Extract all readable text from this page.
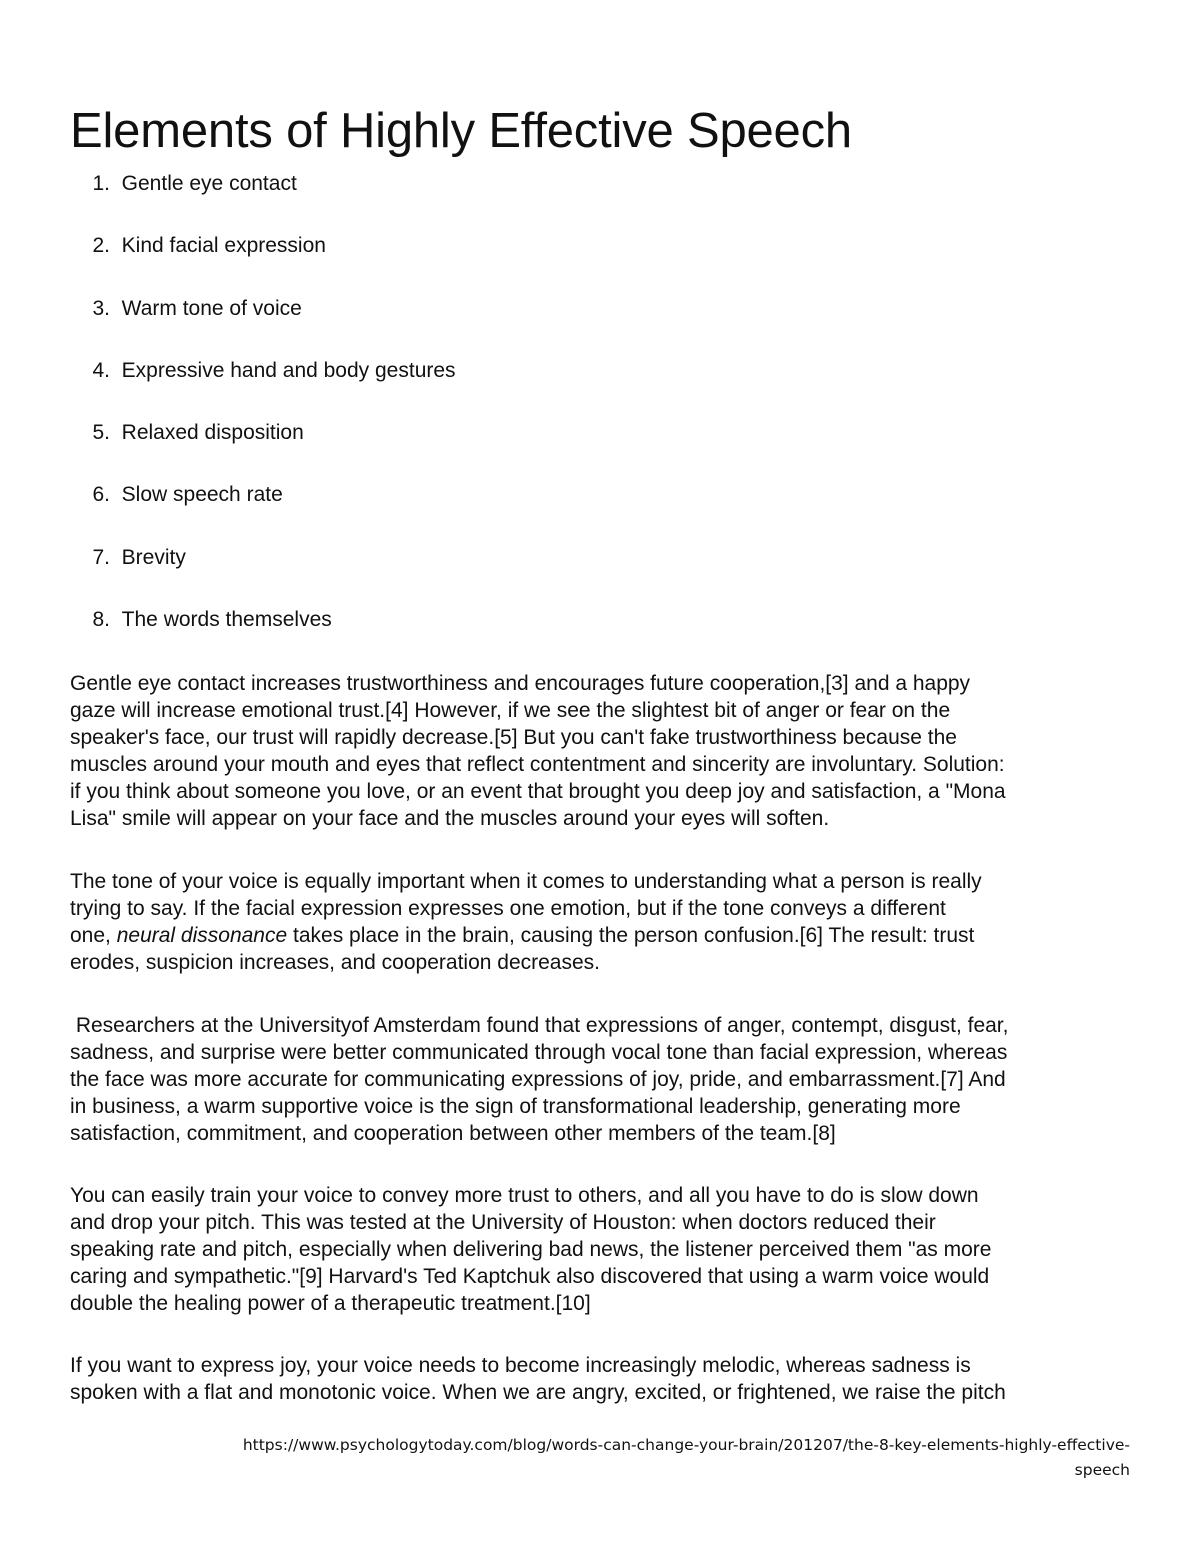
Elements of Highly Effective Speech
1. Gentle eye contact
2. Kind facial expression
3. Warm tone of voice
4. Expressive hand and body gestures
5. Relaxed disposition
6. Slow speech rate
7. Brevity
8. The words themselves

Gentle eye contact increases trustworthiness and encourages future cooperation,[3] and a happy
gaze will increase emotional trust.[4] However, if we see the slightest bit of anger or fear on the
speaker's face, our trust will rapidly decrease.[5] But you can't fake trustworthiness because the
muscles around your mouth and eyes that reflect contentment and sincerity are involuntary. Solution:
if you think about someone you love, or an event that brought you deep joy and satisfaction, a "Mona
Lisa" smile will appear on your face and the muscles around your eyes will soften.

The tone of your voice is equally important when it comes to understanding what a person is really
trying to say. If the facial expression expresses one emotion, but if the tone conveys a different
one, neural dissonance takes place in the brain, causing the person confusion.[6] The result: trust
erodes, suspicion increases, and cooperation decreases.

Researchers at the Universityof Amsterdam found that expressions of anger, contempt, disgust, fear,
sadness, and surprise were better communicated through vocal tone than facial expression, whereas
the face was more accurate for communicating expressions of joy, pride, and embarrassment.[7] And
in business, a warm supportive voice is the sign of transformational leadership, generating more
satisfaction, commitment, and cooperation between other members of the team.[8]

You can easily train your voice to convey more trust to others, and all you have to do is slow down
and drop your pitch. This was tested at the University of Houston: when doctors reduced their
speaking rate and pitch, especially when delivering bad news, the listener perceived them "as more
caring and sympathetic."[9] Harvard's Ted Kaptchuk also discovered that using a warm voice would
double the healing power of a therapeutic treatment.[10]

If you want to express joy, your voice needs to become increasingly melodic, whereas sadness is
spoken with a flat and monotonic voice. When we are angry, excited, or frightened, we raise the pitch

https://www.psychologytoday.com/blog/words-can-change-your-brain/201207/the-8-key-elements-highly-effective-
speech
